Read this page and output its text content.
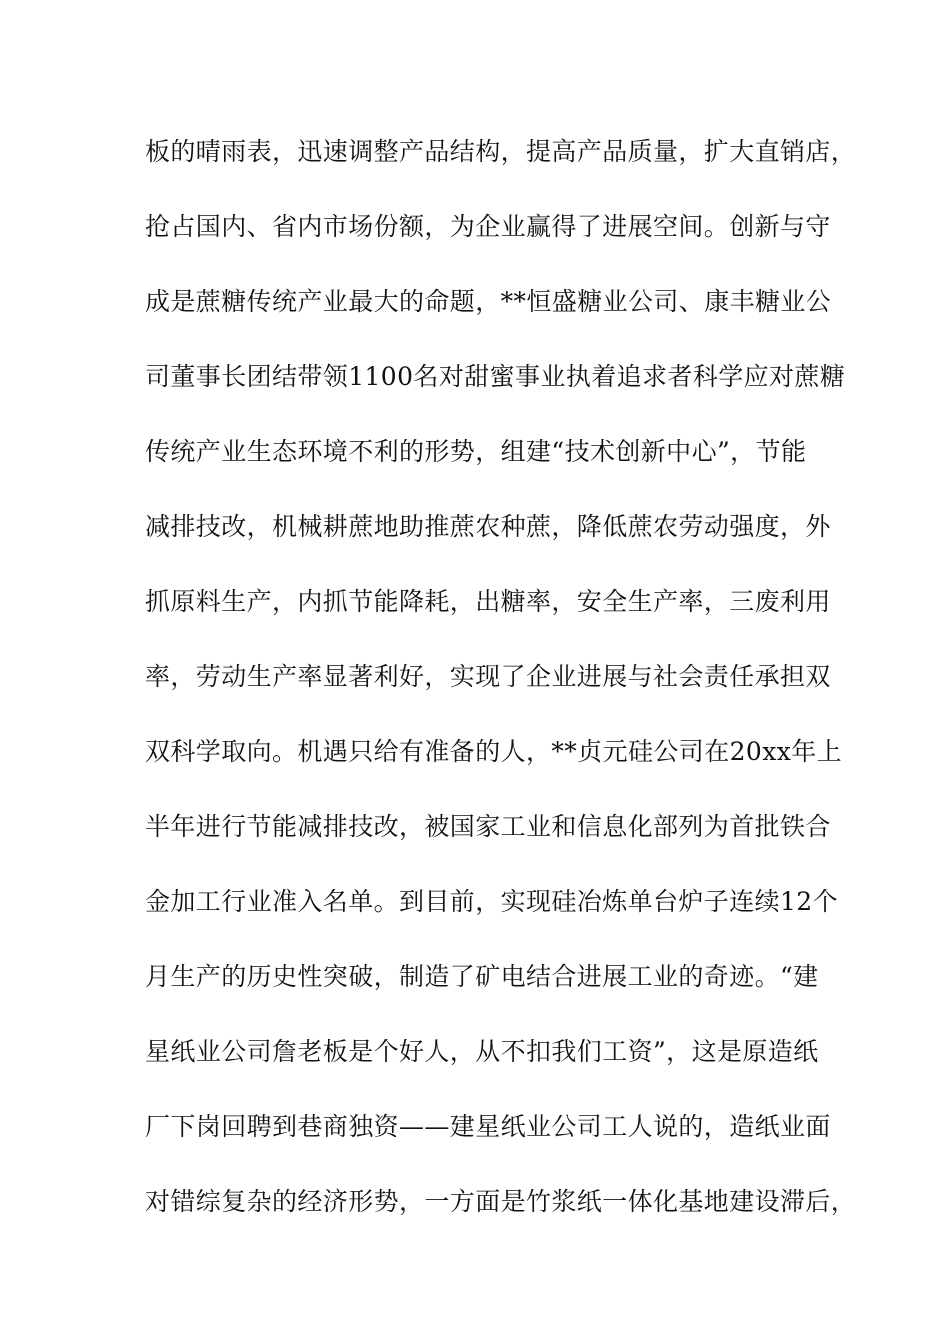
板的晴雨表，迅速调整产品结构，提高产品质量，扩大直销店，
抢占国内、省内市场份额，为企业赢得了进展空间。创新与守
成是蔗糖传统产业最大的命题，**恒盛糖业公司、康丰糖业公
司董事长团结带领1100名对甜蜜事业执着追求者科学应对蔗糖
传统产业生态环境不利的形势，组建“技术创新中心”，节能
减排技改，机械耕蔗地助推蔗农种蔗，降低蔗农劳动强度，外
抓原料生产，内抓节能降耗，出糖率，安全生产率，三废利用
率，劳动生产率显著利好，实现了企业进展与社会责任承担双
双科学取向。机遇只给有准备的人，**贞元硅公司在20xx年上
半年进行节能减排技改，被国家工业和信息化部列为首批铁合
金加工行业准入名单。到目前，实现硅冶炼单台炉子连续12个
月生产的历史性突破，制造了矿电结合进展工业的奇迹。“建
星纸业公司詹老板是个好人，从不扣我们工资”，这是原造纸
厂下岗回聘到巷商独资——建星纸业公司工人说的，造纸业面
对错综复杂的经济形势，一方面是竹浆纸一体化基地建设滞后，
